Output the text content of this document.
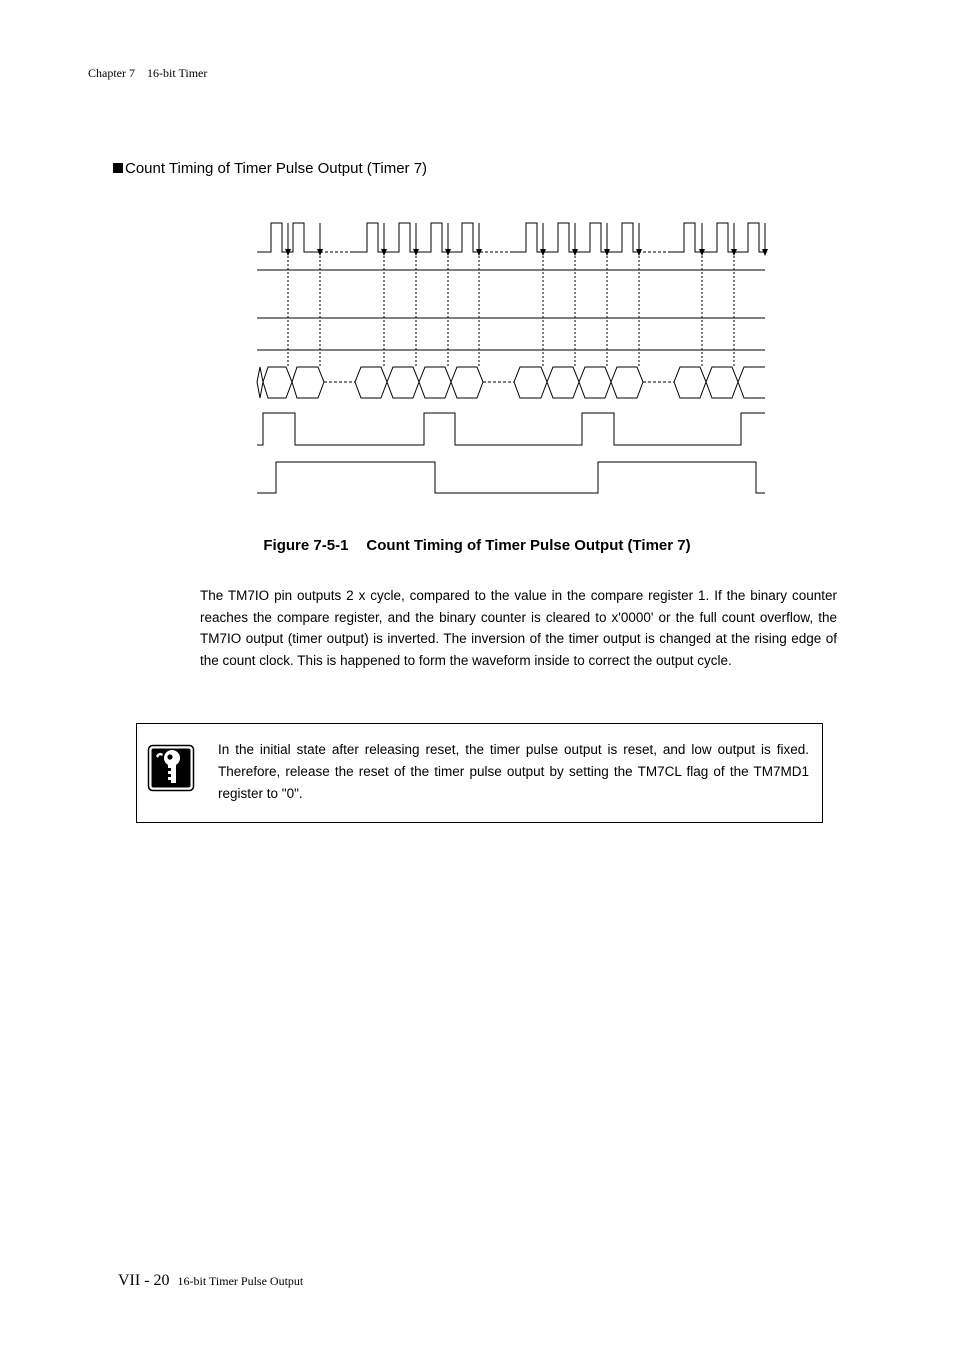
Chapter 7 16-bit Timer
Count Timing of Timer Pulse Output (Timer 7)
Figure 7-5-1 Count Timing of Timer Pulse Output (Timer 7)

The TM7IO pin outputs 2 x cycle, compared to the value in the compare register 1. If the binary counter reaches the compare register, and the binary counter is cleared to x'0000' or the full count overflow, the TM7IO output (timer output) is inverted. The inversion of the timer output is changed at the rising edge of the count clock. This is happened to form the waveform inside to correct the output cycle.

In the initial state after releasing reset, the timer pulse output is reset, and low output is fixed. Therefore, release the reset of the timer pulse output by setting the TM7CL flag of the TM7MD1 register to "0".

VII - 20 16-bit Timer Pulse Output
